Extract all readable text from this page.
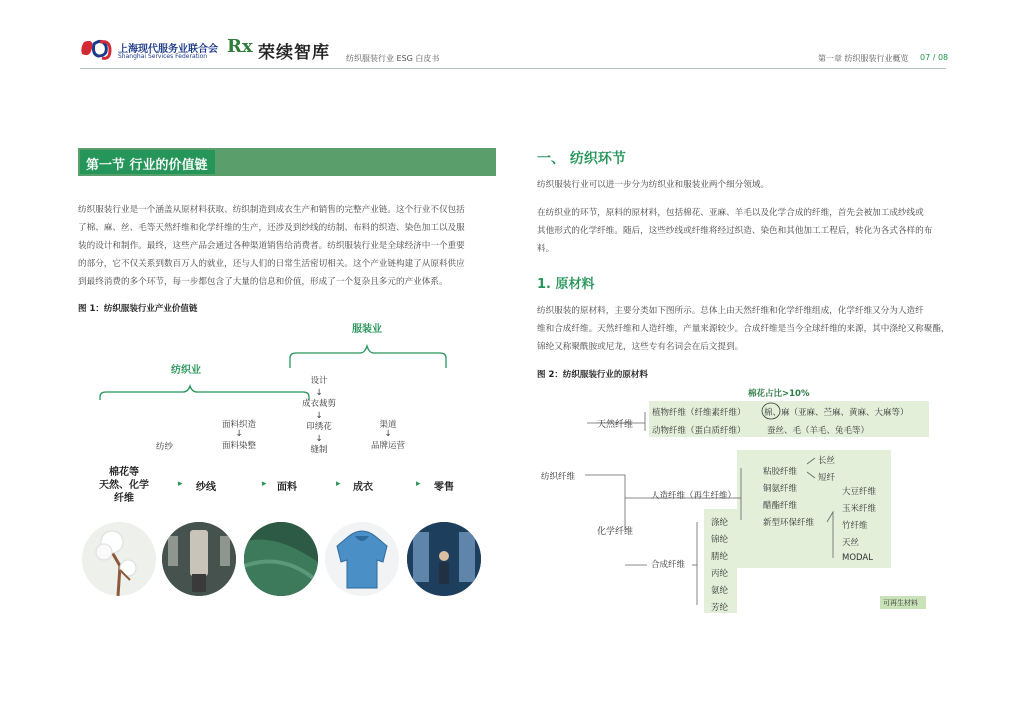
上海现代服务业联合会
Shanghai Services Federation Rx 荣续智库 纺织服装行业 ESG 白皮书	第一章 纺织服装行业概览 07 / 08
第一节 行业的价值链
纺织服装行业是一个涵盖从原材料获取、纺织制造到成衣生产和销售的完整产业链。这个行业不仅包括
了棉、麻、丝、毛等天然纤维和化学纤维的生产，还涉及到纱线的纺制、布料的织造、染色加工以及服
装的设计和制作。最终，这些产品会通过各种渠道销售给消费者。纺织服装行业是全球经济中一个重要
的部分，它不仅关系到数百万人的就业，还与人们的日常生活密切相关。这个产业链构建了从原料供应
到最终消费的多个环节，每一步都包含了大量的信息和价值，形成了一个复杂且多元的产业体系。
图 1：纺织服装行业产业价值链
纺织业
服装业
纺纱
面料织造
↓
面料染整
设计
↓
成衣裁剪
↓
印绣花
↓
缝制
渠道
↓
品牌运营
棉花等
天然、化学
纤维
▸ 纱线	▸ 面料	▸ 成衣	▸ 零售
一、 纺织环节
纺织服装行业可以进一步分为纺织业和服装业两个细分领域。
在纺织业的环节，原料的原材料，包括棉花、亚麻、羊毛以及化学合成的纤维，首先会被加工成纱线或
其他形式的化学纤维。随后，这些纱线或纤维将经过织造、染色和其他加工工程后，转化为各式各样的布
料。
1. 原材料
纺织服装的原材料，主要分类如下图所示。总体上由天然纤维和化学纤维组成，化学纤维又分为人造纤
维和合成纤维。天然纤维和人造纤维，产量来源较少。合成纤维是当今全球纤维的来源，其中涤纶又称聚酯，
锦纶又称聚酰胺或尼龙，这些专有名词会在后文提到。
图 2：纺织服装行业的原材料
棉花占比>10%
天然纤维
植物纤维（纤维素纤维） 棉、麻（亚麻、苎麻、黄麻、大麻等）
动物纤维（蛋白质纤维）	蚕丝、毛（羊毛、兔毛等）
纺织纤维
化学纤维
人造纤维（再生纤维）
粘胶纤维
铜氨纤维
醋酯纤维
新型环保纤维
长丝
短纤
大豆纤维
玉米纤维
竹纤维
天丝
MODAL
合成纤维
涤纶
锦纶
腈纶
丙纶
氨纶
芳纶	可再生材料
